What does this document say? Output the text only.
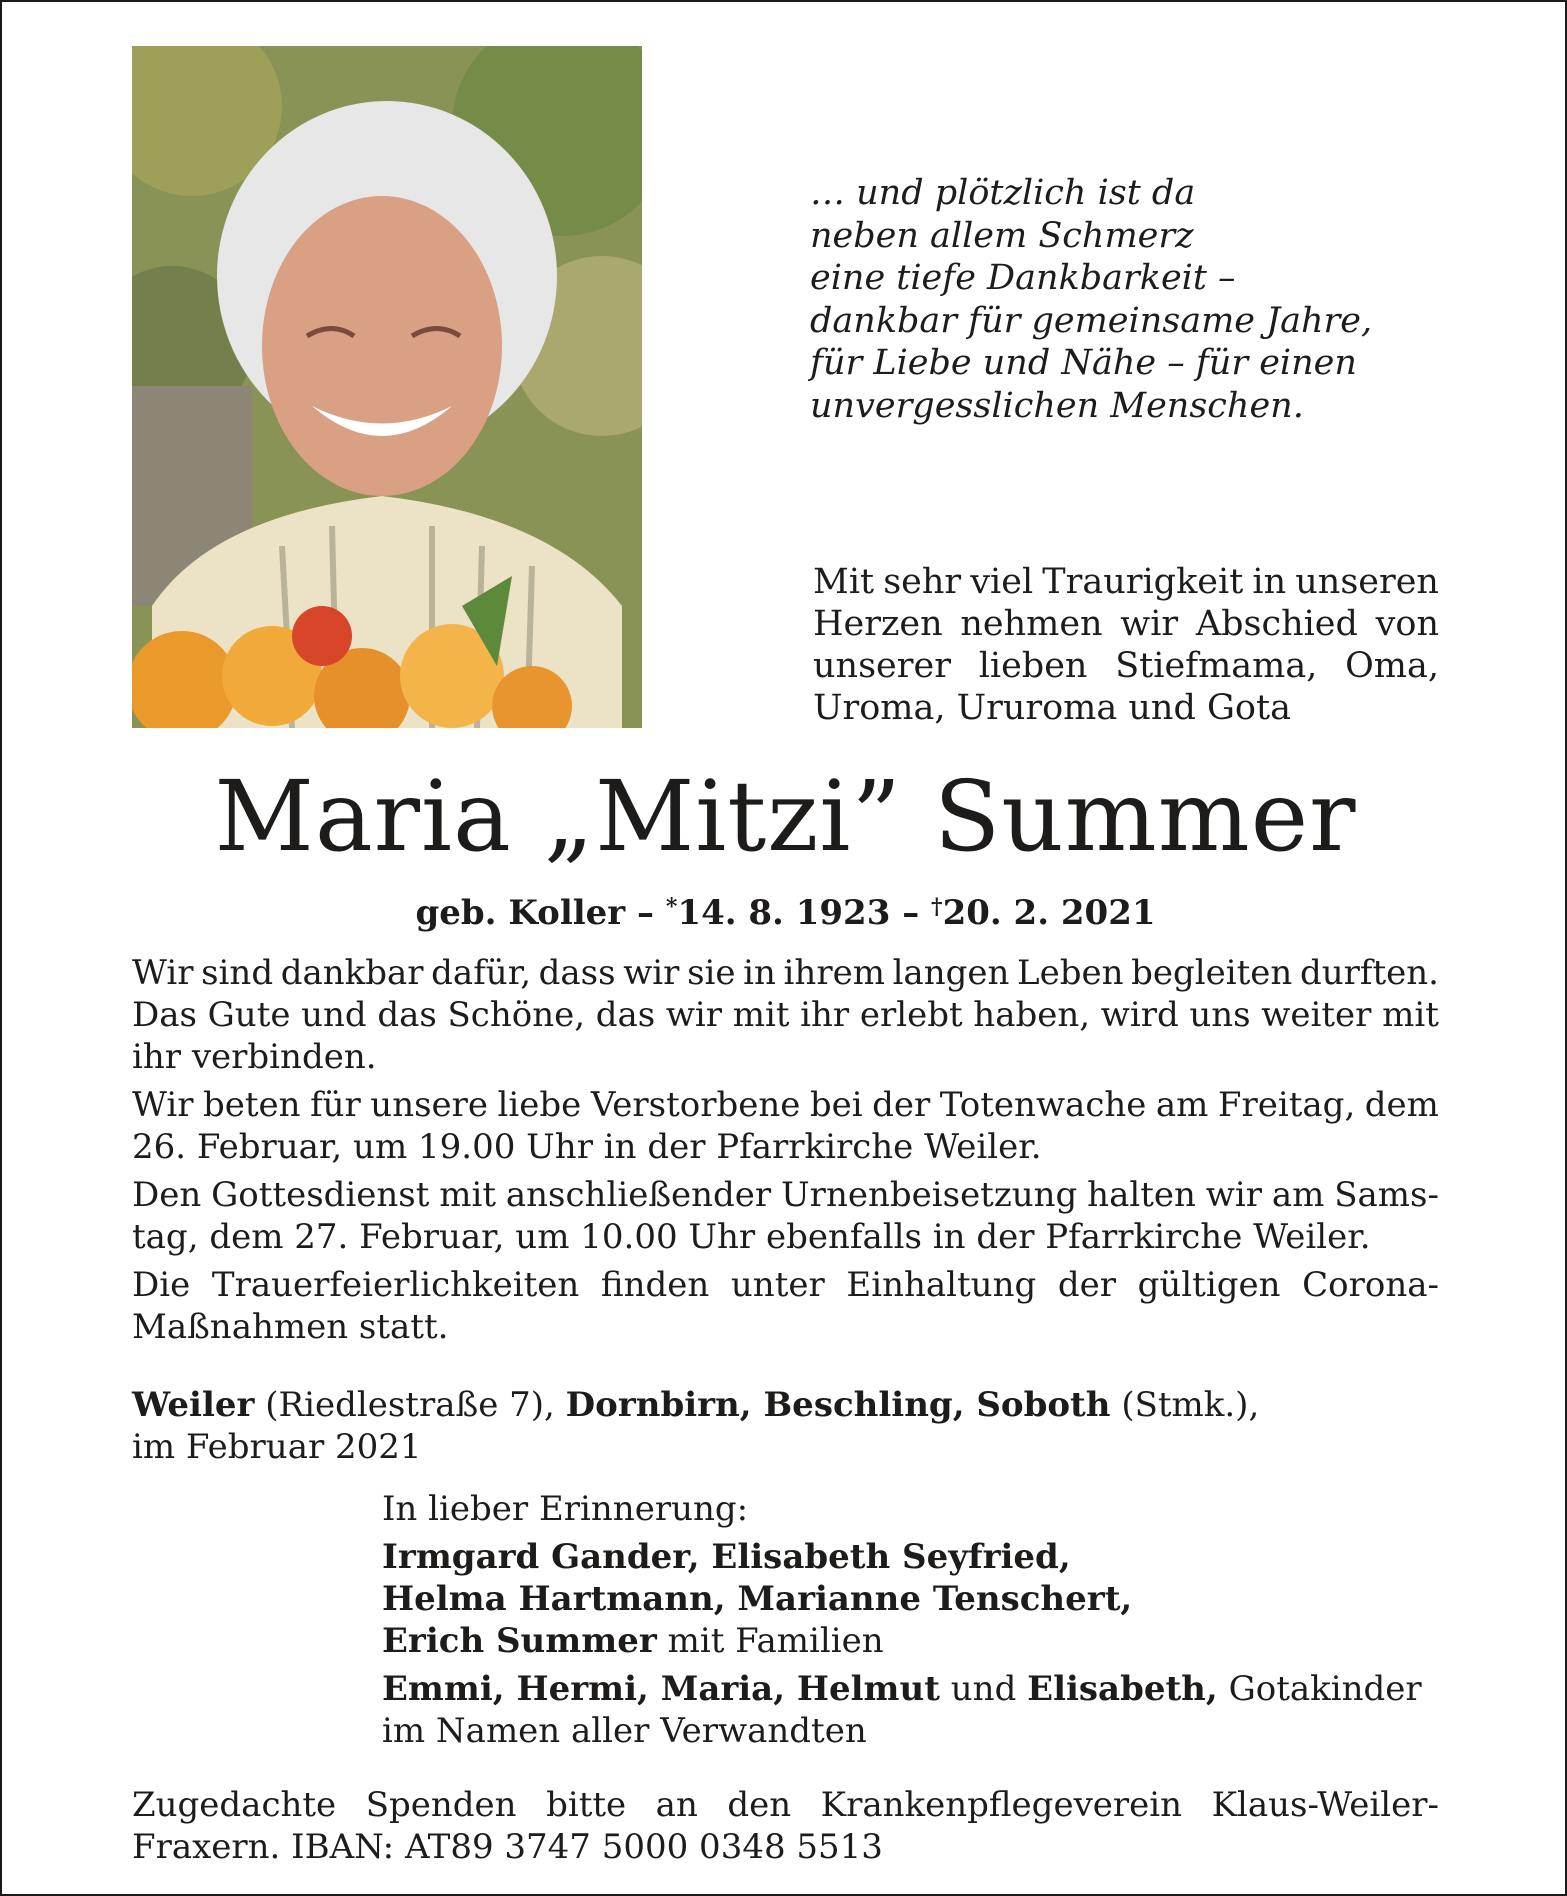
… und plötzlich ist da
neben allem Schmerz
eine tiefe Dankbarkeit –
dankbar für gemeinsame Jahre,
für Liebe und Nähe – für einen
unvergesslichen Menschen.
Mit sehr viel Traurigkeit in unseren
Herzen nehmen wir Abschied von
unserer lieben Stiefmama, Oma,
Uroma, Ururoma und Gota
Maria „Mitzi” Summer
geb. Koller – *14. 8. 1923 – †20. 2. 2021
Wir sind dankbar dafür, dass wir sie in ihrem langen Leben begleiten durften.
Das Gute und das Schöne, das wir mit ihr erlebt haben, wird uns weiter mit
ihr verbinden.
Wir beten für unsere liebe Verstorbene bei der Totenwache am Freitag, dem
26. Februar, um 19.00 Uhr in der Pfarrkirche Weiler.
Den Gottesdienst mit anschließender Urnenbeisetzung halten wir am Sams-
tag, dem 27. Februar, um 10.00 Uhr ebenfalls in der Pfarrkirche Weiler.
Die Trauerfeierlichkeiten finden unter Einhaltung der gültigen Corona-
Maßnahmen statt.
Weiler (Riedlestraße 7), Dornbirn, Beschling, Soboth (Stmk.),
im Februar 2021
In lieber Erinnerung:
Irmgard Gander, Elisabeth Seyfried,
Helma Hartmann, Marianne Tenschert,
Erich Summer mit Familien
Emmi, Hermi, Maria, Helmut und Elisabeth, Gotakinder
im Namen aller Verwandten
Zugedachte Spenden bitte an den Krankenpflegeverein Klaus-Weiler-
Fraxern. IBAN: AT89 3747 5000 0348 5513
